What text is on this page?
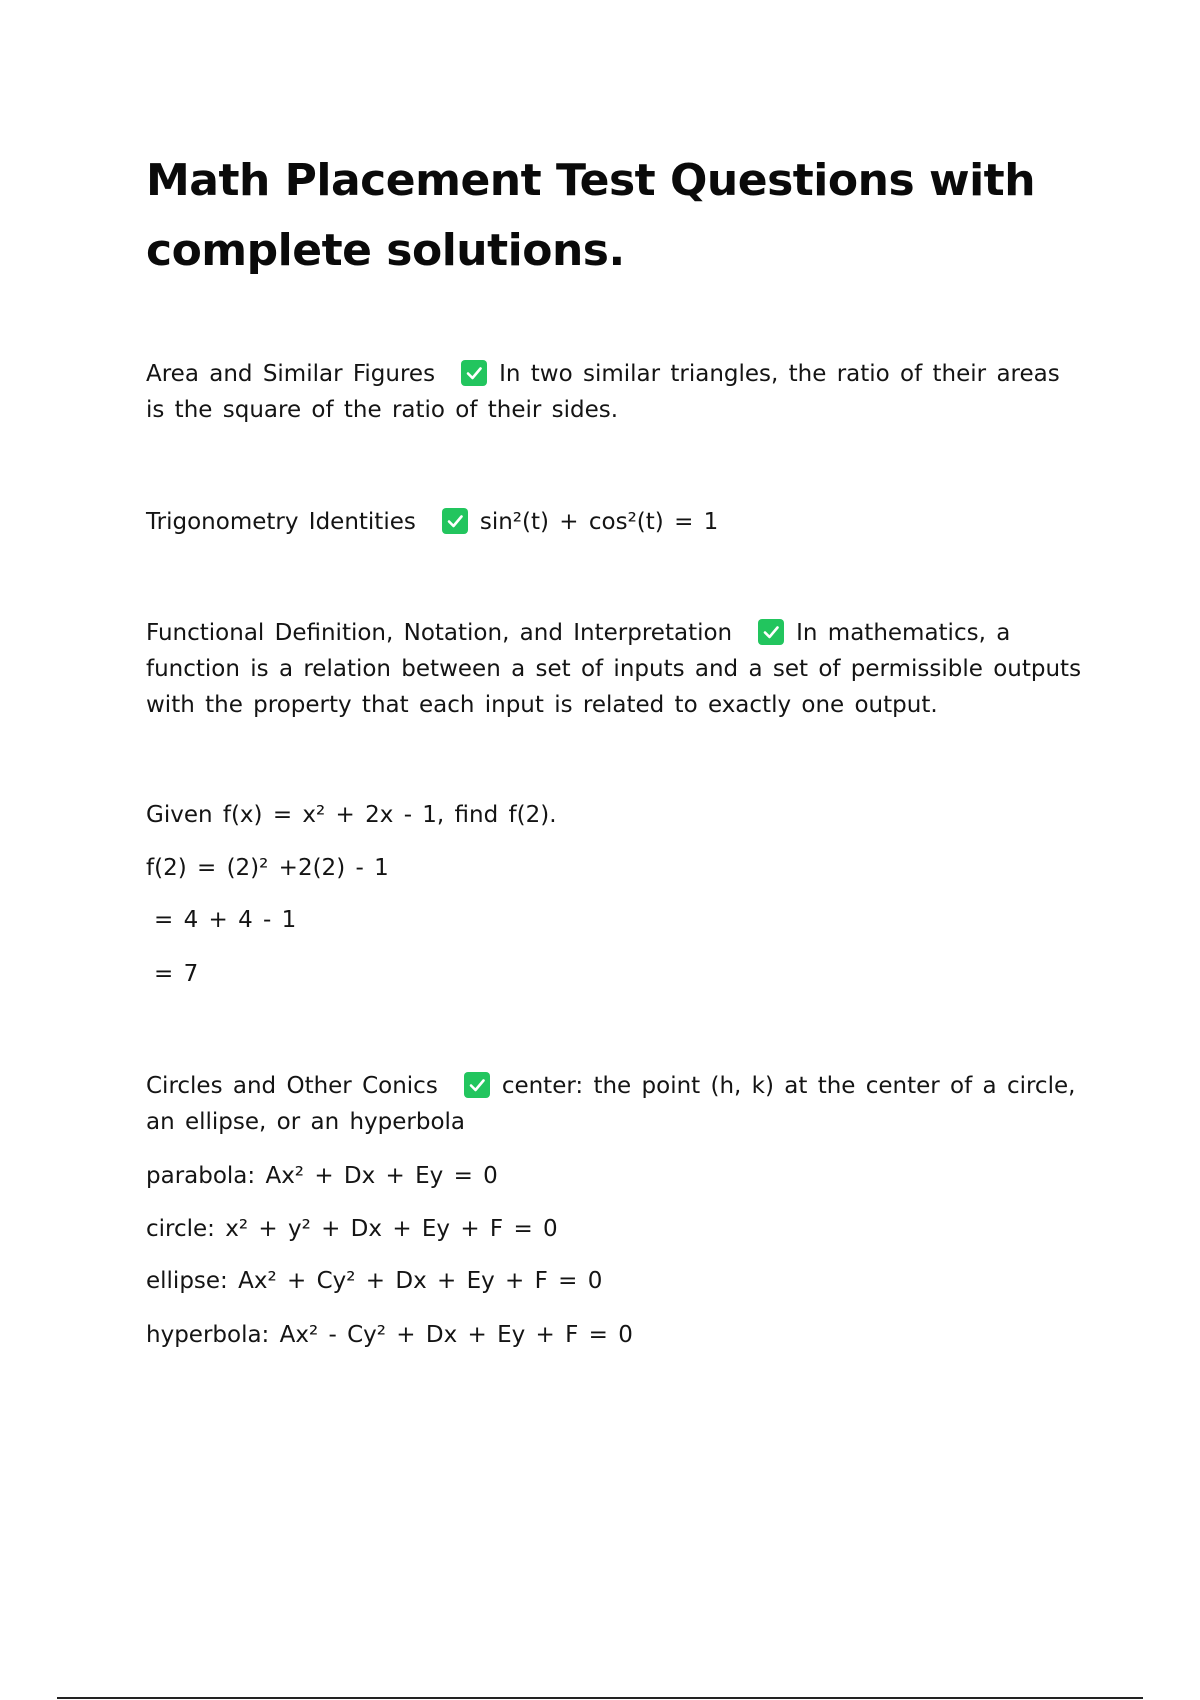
Math Placement Test Questions with complete solutions.
Area and Similar Figures	In two similar triangles, the ratio of their areas is the square of the ratio of their sides.
Trigonometry Identities	sin²(t) + cos²(t) = 1
Functional Definition, Notation, and Interpretation	In mathematics, a function is a relation between a set of inputs and a set of permissible outputs with the property that each input is related to exactly one output.
Given f(x) = x² + 2x - 1, find f(2).
f(2) = (2)² +2(2) - 1
= 4 + 4 - 1
= 7
Circles and Other Conics	center: the point (h, k) at the center of a circle, an ellipse, or an hyperbola
parabola: Ax² + Dx + Ey = 0
circle: x² + y² + Dx + Ey + F = 0
ellipse: Ax² + Cy² + Dx + Ey + F = 0
hyperbola: Ax² - Cy² + Dx + Ey + F = 0
